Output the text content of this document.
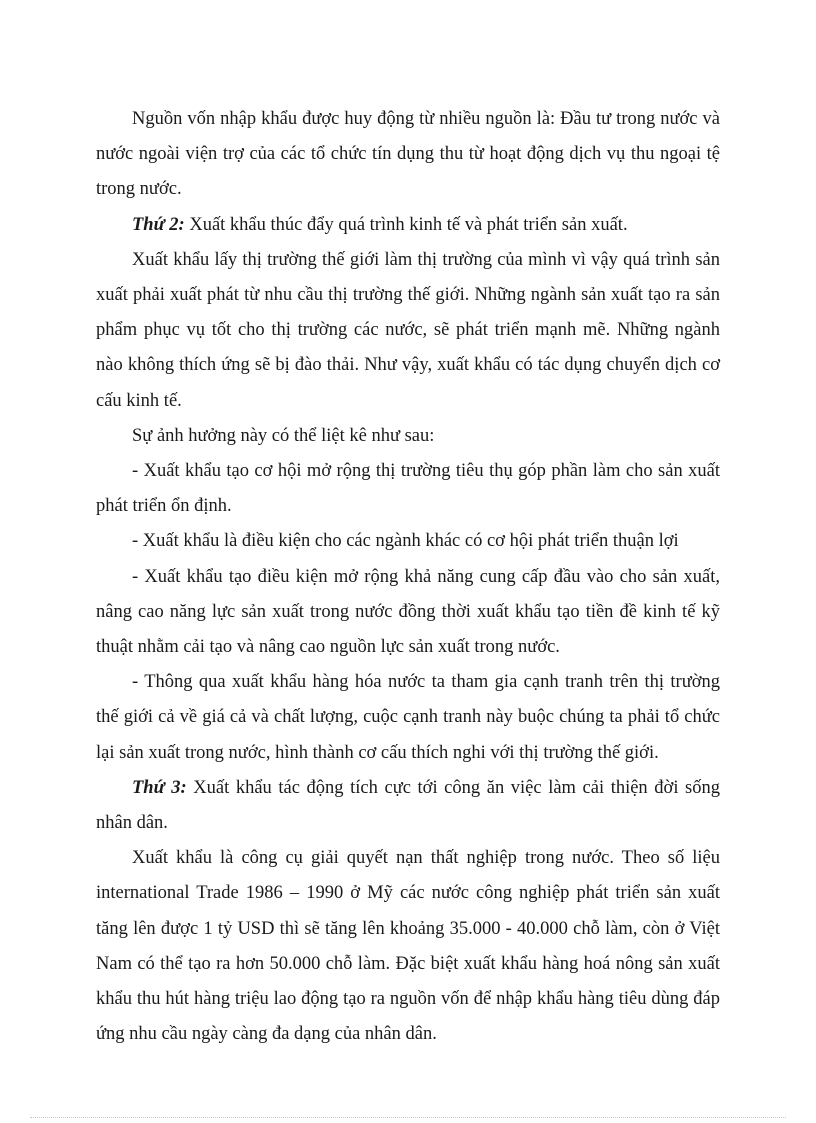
Nguồn vốn nhập khẩu được huy động từ nhiều nguồn là: Đầu tư trong nước và nước ngoài viện trợ của các tổ chức tín dụng thu từ hoạt động dịch vụ thu ngoại tệ trong nước.

Thứ 2: Xuất khẩu thúc đẩy quá trình kinh tế và phát triển sản xuất.

Xuất khẩu lấy thị trường thế giới làm thị trường của mình vì vậy quá trình sản xuất phải xuất phát từ nhu cầu thị trường thế giới. Những ngành sản xuất tạo ra sản phẩm phục vụ tốt cho thị trường các nước, sẽ phát triển mạnh mẽ. Những ngành nào không thích ứng sẽ bị đào thải. Như vậy, xuất khẩu có tác dụng chuyển dịch cơ cấu kinh tế.

Sự ảnh hưởng này có thể liệt kê như sau:

- Xuất khẩu tạo cơ hội mở rộng thị trường tiêu thụ góp phần làm cho sản xuất phát triển ổn định.

- Xuất khẩu là điều kiện cho các ngành khác có cơ hội phát triển thuận lợi

- Xuất khẩu tạo điều kiện mở rộng khả năng cung cấp đầu vào cho sản xuất, nâng cao năng lực sản xuất trong nước đồng thời xuất khẩu tạo tiền đề kinh tế kỹ thuật nhằm cải tạo và nâng cao nguồn lực sản xuất trong nước.

- Thông qua xuất khẩu hàng hóa nước ta tham gia cạnh tranh trên thị trường thế giới cả về giá cả và chất lượng, cuộc cạnh tranh này buộc chúng ta phải tổ chức lại sản xuất trong nước, hình thành cơ cấu thích nghi với thị trường thế giới.

Thứ 3: Xuất khẩu tác động tích cực tới công ăn việc làm cải thiện đời sống nhân dân.

Xuất khẩu là công cụ giải quyết nạn thất nghiệp trong nước. Theo số liệu international Trade 1986 – 1990 ở Mỹ các nước công nghiệp phát triển sản xuất tăng lên được 1 tỷ USD thì sẽ tăng lên khoảng 35.000 - 40.000 chỗ làm, còn ở Việt Nam có thể tạo ra hơn 50.000 chỗ làm. Đặc biệt xuất khẩu hàng hoá nông sản xuất khẩu thu hút hàng triệu lao động tạo ra nguồn vốn để nhập khẩu hàng tiêu dùng đáp ứng nhu cầu ngày càng đa dạng của nhân dân.
